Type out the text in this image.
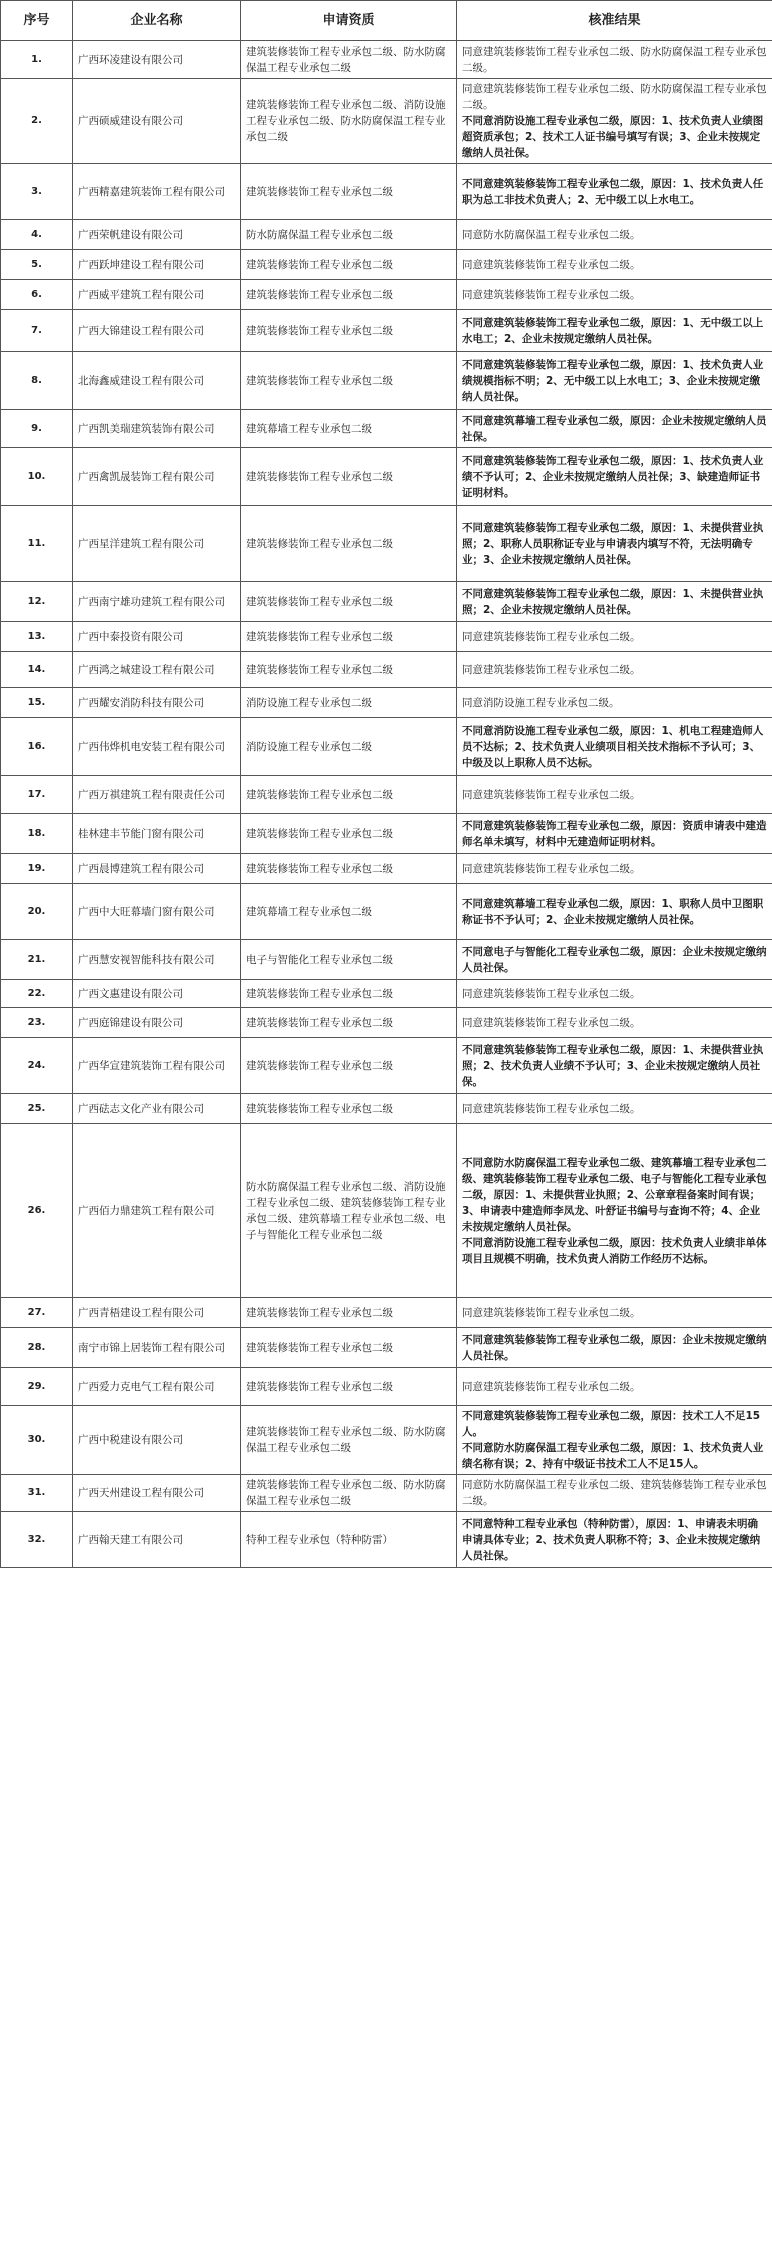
序号	企业名称	申请资质	核准结果
1.	广西环凌建设有限公司	建筑装修装饰工程专业承包二级、防水防腐保温工程专业承包二级	同意建筑装修装饰工程专业承包二级、防水防腐保温工程专业承包二级。

2.	广西硕威建设有限公司	建筑装修装饰工程专业承包二级、消防设施工程专业承包二级、防水防腐保温工程专业承包二级	同意建筑装修装饰工程专业承包二级、防水防腐保温工程专业承包二级。
不同意消防设施工程专业承包二级，原因：1、技术负责人业绩图超资质承包；2、技术工人证书编号填写有误；3、企业未按规定缴纳人员社保。

3.	广西精嘉建筑装饰工程有限公司	建筑装修装饰工程专业承包二级	不同意建筑装修装饰工程专业承包二级，原因：1、技术负责人任职为总工非技术负责人；2、无中级工以上水电工。

4.	广西荣帆建设有限公司	防水防腐保温工程专业承包二级	同意防水防腐保温工程专业承包二级。

5.	广西跃坤建设工程有限公司	建筑装修装饰工程专业承包二级	同意建筑装修装饰工程专业承包二级。

6.	广西威平建筑工程有限公司	建筑装修装饰工程专业承包二级	同意建筑装修装饰工程专业承包二级。

7.	广西大锦建设工程有限公司	建筑装修装饰工程专业承包二级	不同意建筑装修装饰工程专业承包二级，原因：1、无中级工以上水电工；2、企业未按规定缴纳人员社保。

8.	北海鑫威建设工程有限公司	建筑装修装饰工程专业承包二级	不同意建筑装修装饰工程专业承包二级，原因：1、技术负责人业绩规模指标不明；2、无中级工以上水电工；3、企业未按规定缴纳人员社保。

9.	广西凯美瑞建筑装饰有限公司	建筑幕墙工程专业承包二级	不同意建筑幕墙工程专业承包二级，原因：企业未按规定缴纳人员社保。

10.	广西禽凯晟装饰工程有限公司	建筑装修装饰工程专业承包二级	不同意建筑装修装饰工程专业承包二级，原因：1、技术负责人业绩不予认可；2、企业未按规定缴纳人员社保；3、缺建造师证书证明材料。

11.	广西星洋建筑工程有限公司	建筑装修装饰工程专业承包二级	不同意建筑装修装饰工程专业承包二级，原因：1、未提供营业执照；2、职称人员职称证专业与申请表内填写不符，无法明确专业；3、企业未按规定缴纳人员社保。

12.	广西南宁雄功建筑工程有限公司	建筑装修装饰工程专业承包二级	不同意建筑装修装饰工程专业承包二级，原因：1、未提供营业执照；2、企业未按规定缴纳人员社保。

13.	广西中泰投资有限公司	建筑装修装饰工程专业承包二级	同意建筑装修装饰工程专业承包二级。

14.	广西鸿之城建设工程有限公司	建筑装修装饰工程专业承包二级	同意建筑装修装饰工程专业承包二级。

15.	广西耀安消防科技有限公司	消防设施工程专业承包二级	同意消防设施工程专业承包二级。

16.	广西伟烨机电安装工程有限公司	消防设施工程专业承包二级	不同意消防设施工程专业承包二级，原因：1、机电工程建造师人员不达标；2、技术负责人业绩项目相关技术指标不予认可；3、中级及以上职称人员不达标。

17.	广西万祺建筑工程有限责任公司	建筑装修装饰工程专业承包二级	同意建筑装修装饰工程专业承包二级。

18.	桂林建丰节能门窗有限公司	建筑装修装饰工程专业承包二级	不同意建筑装修装饰工程专业承包二级，原因：资质申请表中建造师名单未填写，材料中无建造师证明材料。

19.	广西晨博建筑工程有限公司	建筑装修装饰工程专业承包二级	同意建筑装修装饰工程专业承包二级。

20.	广西中大旺幕墙门窗有限公司	建筑幕墙工程专业承包二级	不同意建筑幕墙工程专业承包二级，原因：1、职称人员中卫图职称证书不予认可；2、企业未按规定缴纳人员社保。

21.	广西慧安视智能科技有限公司	电子与智能化工程专业承包二级	不同意电子与智能化工程专业承包二级，原因：企业未按规定缴纳人员社保。

22.	广西文惠建设有限公司	建筑装修装饰工程专业承包二级	同意建筑装修装饰工程专业承包二级。

23.	广西庭锦建设有限公司	建筑装修装饰工程专业承包二级	同意建筑装修装饰工程专业承包二级。

24.	广西华宣建筑装饰工程有限公司	建筑装修装饰工程专业承包二级	不同意建筑装修装饰工程专业承包二级，原因：1、未提供营业执照；2、技术负责人业绩不予认可；3、企业未按规定缴纳人员社保。

25.	广西砝志文化产业有限公司	建筑装修装饰工程专业承包二级	同意建筑装修装饰工程专业承包二级。

26.	广西佰力鼎建筑工程有限公司	防水防腐保温工程专业承包二级、消防设施工程专业承包二级、建筑装修装饰工程专业承包二级、建筑幕墙工程专业承包二级、电子与智能化工程专业承包二级	不同意防水防腐保温工程专业承包二级、建筑幕墙工程专业承包二级、建筑装修装饰工程专业承包二级、电子与智能化工程专业承包二级，原因：1、未提供营业执照；2、公章章程备案时间有误；3、申请表中建造师李凤龙、叶舒证书编号与查询不符；4、企业未按规定缴纳人员社保。
不同意消防设施工程专业承包二级，原因：技术负责人业绩非单体项目且规模不明确，技术负责人消防工作经历不达标。

27.	广西青梧建设工程有限公司	建筑装修装饰工程专业承包二级	同意建筑装修装饰工程专业承包二级。

28.	南宁市锦上居装饰工程有限公司	建筑装修装饰工程专业承包二级	不同意建筑装修装饰工程专业承包二级，原因：企业未按规定缴纳人员社保。

29.	广西爱力克电气工程有限公司	建筑装修装饰工程专业承包二级	同意建筑装修装饰工程专业承包二级。

30.	广西中税建设有限公司	建筑装修装饰工程专业承包二级、防水防腐保温工程专业承包二级	不同意建筑装修装饰工程专业承包二级，原因：技术工人不足15人。
不同意防水防腐保温工程专业承包二级，原因：1、技术负责人业绩名称有误；2、持有中级证书技术工人不足15人。

31.	广西天州建设工程有限公司	建筑装修装饰工程专业承包二级、防水防腐保温工程专业承包二级	同意防水防腐保温工程专业承包二级、建筑装修装饰工程专业承包二级。

32.	广西翰天建工有限公司	特种工程专业承包（特种防雷）	不同意特种工程专业承包（特种防雷），原因：1、申请表未明确申请具体专业；2、技术负责人职称不符；3、企业未按规定缴纳人员社保。
